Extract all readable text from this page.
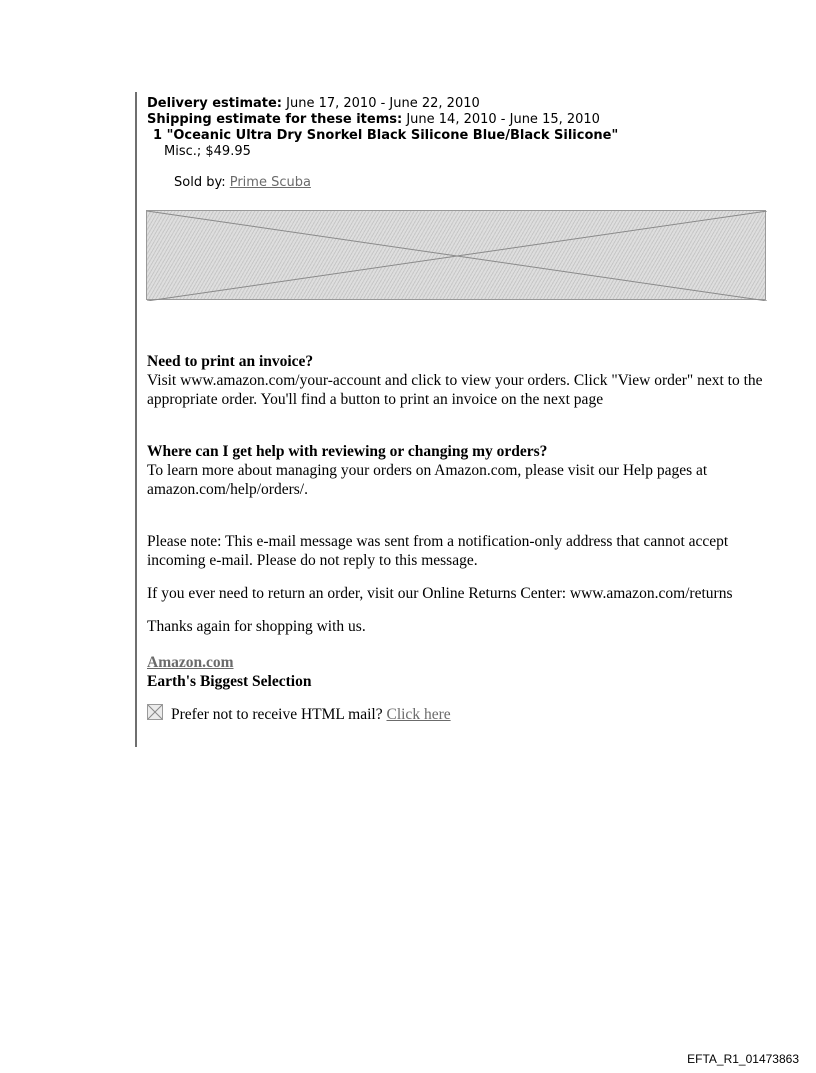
Delivery estimate: June 17, 2010 - June 22, 2010
Shipping estimate for these items: June 14, 2010 - June 15, 2010
1 "Oceanic Ultra Dry Snorkel Black Silicone Blue/Black Silicone"
Misc.; $49.95
Sold by: Prime Scuba
Need to print an invoice?

Visit www.amazon.com/your-account and click to view your orders. Click "View order" next to the appropriate order. You'll find a button to print an invoice on the next page

Where can I get help with reviewing or changing my orders?

To learn more about managing your orders on Amazon.com, please visit our Help pages at amazon.com/help/orders/.

Please note: This e-mail message was sent from a notification-only address that cannot accept incoming e-mail. Please do not reply to this message.

If you ever need to return an order, visit our Online Returns Center: www.amazon.com/returns

Thanks again for shopping with us.

Amazon.com
Earth's Biggest Selection
Prefer not to receive HTML mail? Click here
EFTA_R1_01473863
